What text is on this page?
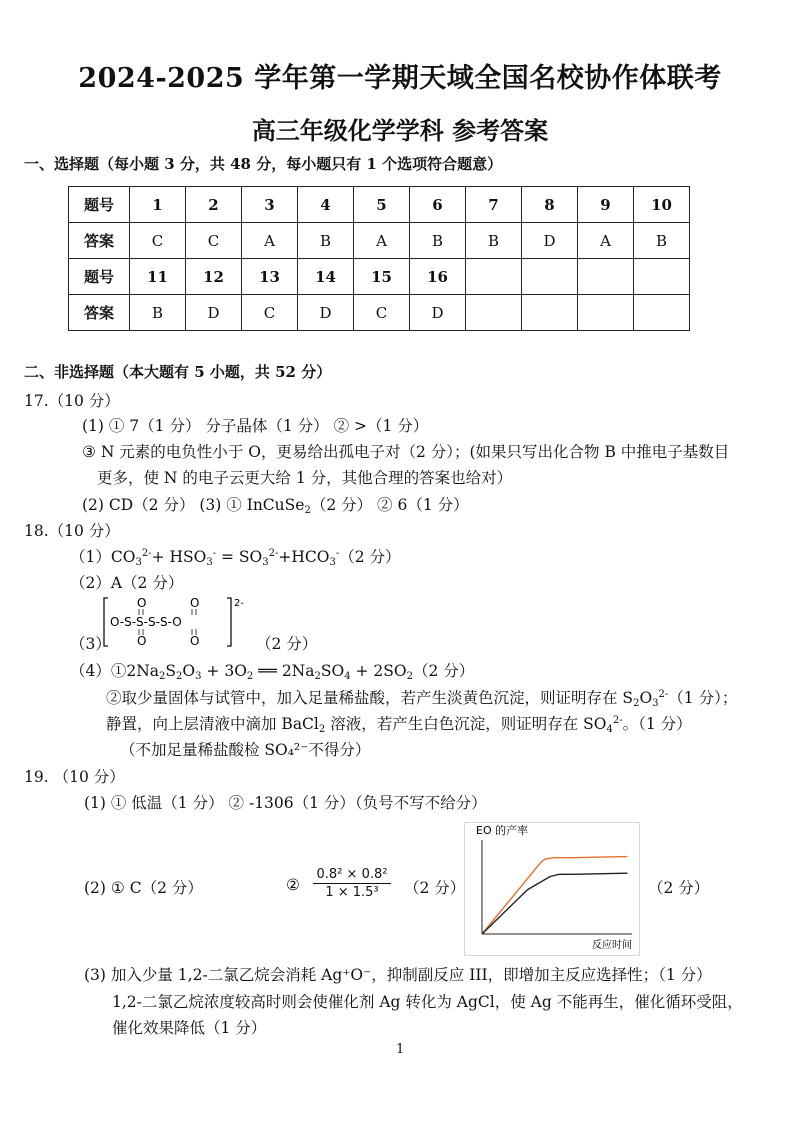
2024-2025 学年第一学期天域全国名校协作体联考
高三年级化学学科 参考答案
一、选择题（每小题 3 分，共 48 分，每小题只有 1 个选项符合题意）
题号	1	2	3	4	5	6	7	8	9	10
答案	C	C	A	B	A	B	B	D	A	B
题号	11	12	13	14	15	16				
答案	B	D	C	D	C	D				
二、非选择题（本大题有 5 小题，共 52 分）
17.（10 分）
(1) ① 7（1 分） 分子晶体（1 分） ② >（1 分）
③ N 元素的电负性小于 O，更易给出孤电子对（2 分）；(如果只写出化合物 B 中推电子基数目
更多，使 N 的电子云更大给 1 分，其他合理的答案也给对）
(2) CD（2 分） (3) ① InCuSe$_2$（2 分） ② 6（1 分）
18.（10 分）
$(1)CO_3^{2-}+ HSO_3^- = SO_3^{2-}+HCO_3^-(2$ 分）
（2）A（2 分）
（3）
O-S-S-S-S-O
O	O
O	O
2-
（2 分）
$(4)①2Na_2S_2O_3 + 3O_2$ ══ $2Na_2SO_4 + 2SO_2(2$ 分）
②取少量固体与试管中，加入足量稀盐酸，若产生淡黄色沉淀，则证明存在 $S_2O_3^{2-}(1$ 分）；
静置，向上层清液中滴加 BaCl$_2$ 溶液，若产生白色沉淀，则证明存在 $SO_4^{2-}$。（1 分）
（不加足量稀盐酸检 SO₄²⁻不得分）
19. （10 分）
(1) ① 低温（1 分） ② -1306（1 分）（负号不写不给分）
(2) ① C（2 分）	② $\frac{\text{0.8² × 0.8²}}{\text{1 × 1.5³}} (2$ 分）
EO 的产率
反应时间
（2 分）
(3) 加入少量 1,2-二氯乙烷会消耗 Ag⁺O⁻，抑制副反应 III，即增加主反应选择性；（1 分）
1,2-二氯乙烷浓度较高时则会使催化剂 Ag 转化为 AgCl，使 Ag 不能再生，催化循环受阻，
催化效果降低（1 分）
1
